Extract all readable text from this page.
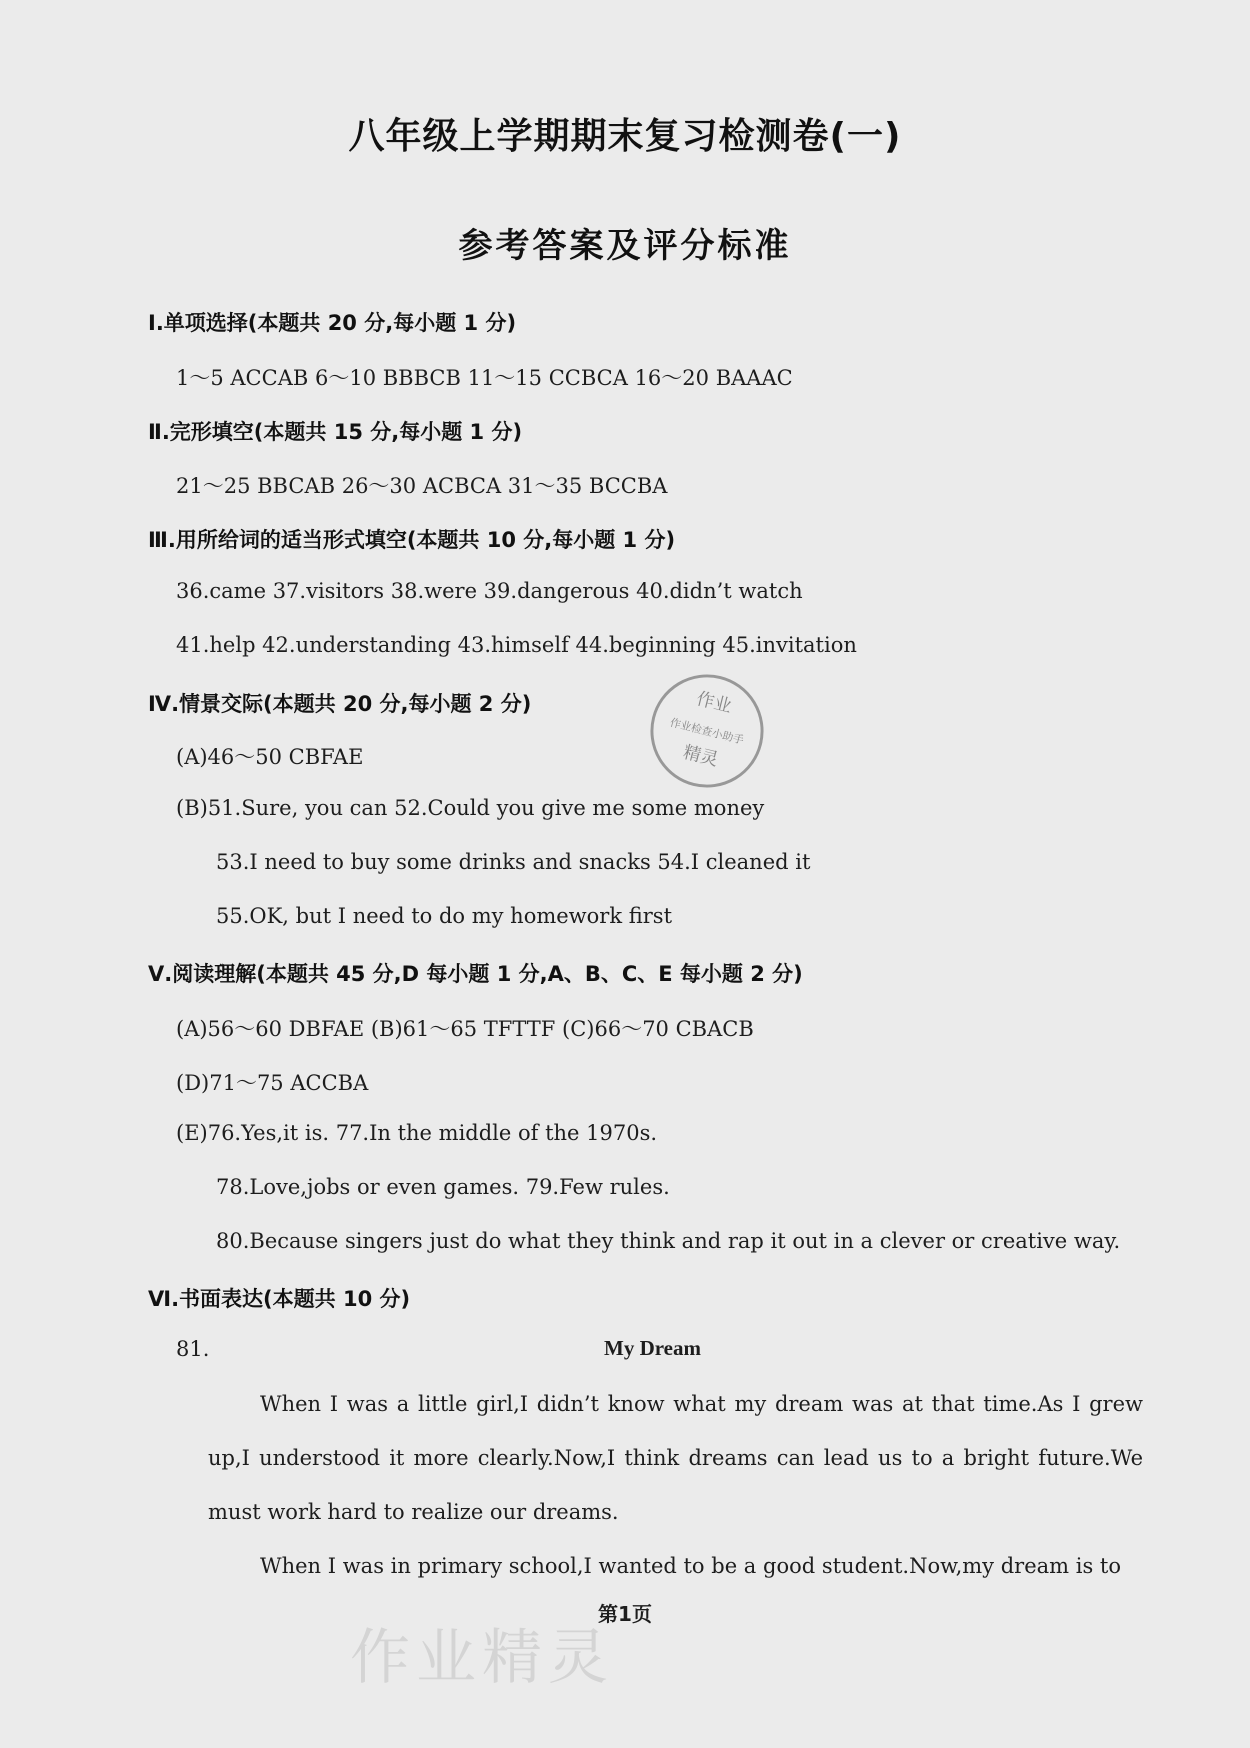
八年级上学期期末复习检测卷(一)
参考答案及评分标准
Ⅰ.单项选择(本题共 20 分,每小题 1 分)
1～5 ACCAB 6～10 BBBCB 11～15 CCBCA 16～20 BAAAC
Ⅱ.完形填空(本题共 15 分,每小题 1 分)
21～25 BBCAB 26～30 ACBCA 31～35 BCCBA
Ⅲ.用所给词的适当形式填空(本题共 10 分,每小题 1 分)
36.came 37.visitors 38.were 39.dangerous 40.didn’t watch
41.help 42.understanding 43.himself 44.beginning 45.invitation
Ⅳ.情景交际(本题共 20 分,每小题 2 分)
(A)46～50 CBFAE
(B)51.Sure, you can 52.Could you give me some money
53.I need to buy some drinks and snacks 54.I cleaned it
55.OK, but I need to do my homework first
Ⅴ.阅读理解(本题共 45 分,D 每小题 1 分,A、B、C、E 每小题 2 分)
(A)56～60 DBFAE (B)61～65 TFTTF (C)66～70 CBACB
(D)71～75 ACCBA
(E)76.Yes,it is. 77.In the middle of the 1970s.
78.Love,jobs or even games. 79.Few rules.
80.Because singers just do what they think and rap it out in a clever or creative way.
Ⅵ.书面表达(本题共 10 分)
81.	My Dream
When I was a little girl,I didn’t know what my dream was at that time.As I grew up,I understood it more clearly.Now,I think dreams can lead us to a bright future.We must work hard to realize our dreams.
When I was in primary school,I wanted to be a good student.Now,my dream is to
作业精灵
作业
作业检查小助手
精灵
第1页
